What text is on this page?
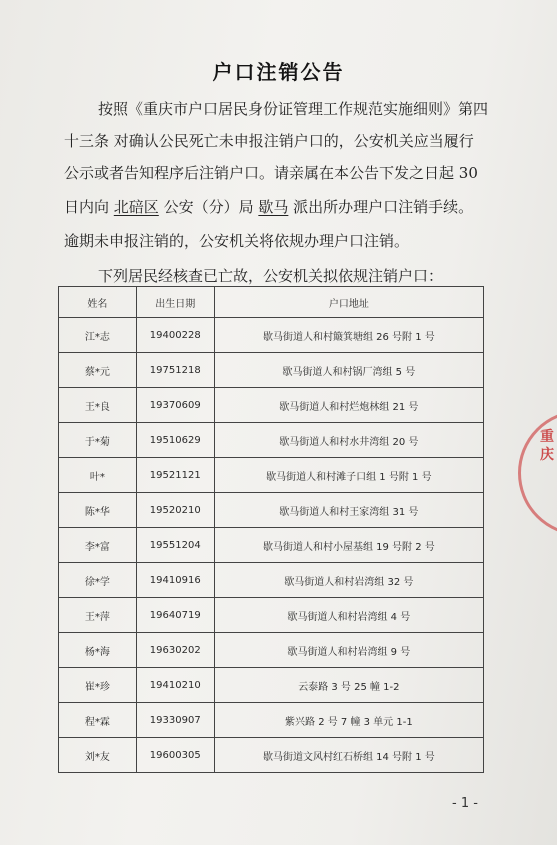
户口注销公告
按照《重庆市户口居民身份证管理工作规范实施细则》第四
十三条 对确认公民死亡未申报注销户口的，公安机关应当履行
公示或者告知程序后注销户口。请亲属在本公告下发之日起 30
日内向 北碚区 公安（分）局 歇马 派出所办理户口注销手续。
逾期未申报注销的，公安机关将依规办理户口注销。
下列居民经核查已亡故，公安机关拟依规注销户口：
姓名	出生日期	户口地址
江*志	19400228	歇马街道人和村簸箕塘组 26 号附 1 号
蔡*元	19751218	歇马街道人和村锅厂湾组 5 号
王*良	19370609	歇马街道人和村烂炮林组 21 号
于*菊	19510629	歇马街道人和村水井湾组 20 号
叶*	19521121	歇马街道人和村滩子口组 1 号附 1 号
陈*华	19520210	歇马街道人和村王家湾组 31 号
李*富	19551204	歇马街道人和村小屋基组 19 号附 2 号
徐*学	19410916	歇马街道人和村岩湾组 32 号
王*萍	19640719	歇马街道人和村岩湾组 4 号
杨*海	19630202	歇马街道人和村岩湾组 9 号
崔*珍	19410210	云泰路 3 号 25 幢 1-2
程*霖	19330907	紫兴路 2 号 7 幢 3 单元 1-1
刘*友	19600305	歇马街道文风村红石桥组 14 号附 1 号
- 1 -
重庆
